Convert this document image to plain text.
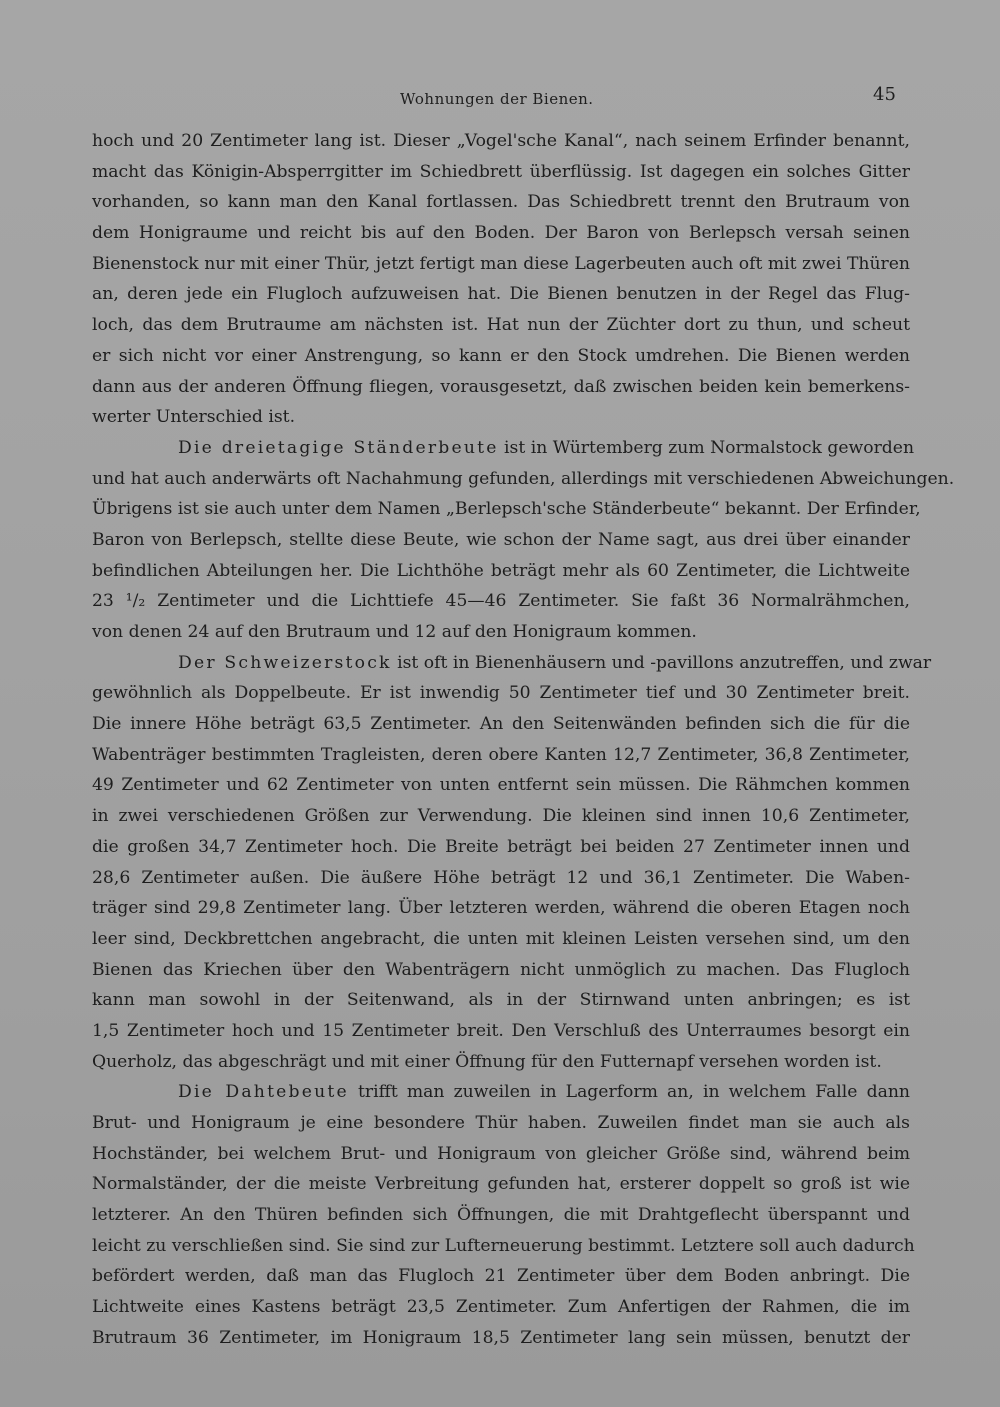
Wohnungen der Bienen.	45
hoch und 20 Zentimeter lang ist. Dieser „Vogel'sche Kanal“, nach seinem Erfinder benannt,
macht das Königin-Absperrgitter im Schiedbrett überflüssig. Ist dagegen ein solches Gitter
vorhanden, so kann man den Kanal fortlassen. Das Schiedbrett trennt den Brutraum von
dem Honigraume und reicht bis auf den Boden. Der Baron von Berlepsch versah seinen
Bienenstock nur mit einer Thür, jetzt fertigt man diese Lagerbeuten auch oft mit zwei Thüren
an, deren jede ein Flugloch aufzuweisen hat. Die Bienen benutzen in der Regel das Flug-
loch, das dem Brutraume am nächsten ist. Hat nun der Züchter dort zu thun, und scheut
er sich nicht vor einer Anstrengung, so kann er den Stock umdrehen. Die Bienen werden
dann aus der anderen Öffnung fliegen, vorausgesetzt, daß zwischen beiden kein bemerkens-
werter Unterschied ist.
Die dreietagige Ständerbeute ist in Würtemberg zum Normalstock geworden
und hat auch anderwärts oft Nachahmung gefunden, allerdings mit verschiedenen Abweichungen.
Übrigens ist sie auch unter dem Namen „Berlepsch'sche Ständerbeute“ bekannt. Der Erfinder,
Baron von Berlepsch, stellte diese Beute, wie schon der Name sagt, aus drei über einander
befindlichen Abteilungen her. Die Lichthöhe beträgt mehr als 60 Zentimeter, die Lichtweite
23 ¹/₂ Zentimeter und die Lichttiefe 45—46 Zentimeter. Sie faßt 36 Normalrähmchen,
von denen 24 auf den Brutraum und 12 auf den Honigraum kommen.
Der Schweizerstock ist oft in Bienenhäusern und -pavillons anzutreffen, und zwar
gewöhnlich als Doppelbeute. Er ist inwendig 50 Zentimeter tief und 30 Zentimeter breit.
Die innere Höhe beträgt 63,5 Zentimeter. An den Seitenwänden befinden sich die für die
Wabenträger bestimmten Tragleisten, deren obere Kanten 12,7 Zentimeter, 36,8 Zentimeter,
49 Zentimeter und 62 Zentimeter von unten entfernt sein müssen. Die Rähmchen kommen
in zwei verschiedenen Größen zur Verwendung. Die kleinen sind innen 10,6 Zentimeter,
die großen 34,7 Zentimeter hoch. Die Breite beträgt bei beiden 27 Zentimeter innen und
28,6 Zentimeter außen. Die äußere Höhe beträgt 12 und 36,1 Zentimeter. Die Waben-
träger sind 29,8 Zentimeter lang. Über letzteren werden, während die oberen Etagen noch
leer sind, Deckbrettchen angebracht, die unten mit kleinen Leisten versehen sind, um den
Bienen das Kriechen über den Wabenträgern nicht unmöglich zu machen. Das Flugloch
kann man sowohl in der Seitenwand, als in der Stirnwand unten anbringen; es ist
1,5 Zentimeter hoch und 15 Zentimeter breit. Den Verschluß des Unterraumes besorgt ein
Querholz, das abgeschrägt und mit einer Öffnung für den Futternapf versehen worden ist.
Die Dahtebeute trifft man zuweilen in Lagerform an, in welchem Falle dann
Brut- und Honigraum je eine besondere Thür haben. Zuweilen findet man sie auch als
Hochständer, bei welchem Brut- und Honigraum von gleicher Größe sind, während beim
Normalständer, der die meiste Verbreitung gefunden hat, ersterer doppelt so groß ist wie
letzterer. An den Thüren befinden sich Öffnungen, die mit Drahtgeflecht überspannt und
leicht zu verschließen sind. Sie sind zur Lufterneuerung bestimmt. Letztere soll auch dadurch
befördert werden, daß man das Flugloch 21 Zentimeter über dem Boden anbringt. Die
Lichtweite eines Kastens beträgt 23,5 Zentimeter. Zum Anfertigen der Rahmen, die im
Brutraum 36 Zentimeter, im Honigraum 18,5 Zentimeter lang sein müssen, benutzt der
